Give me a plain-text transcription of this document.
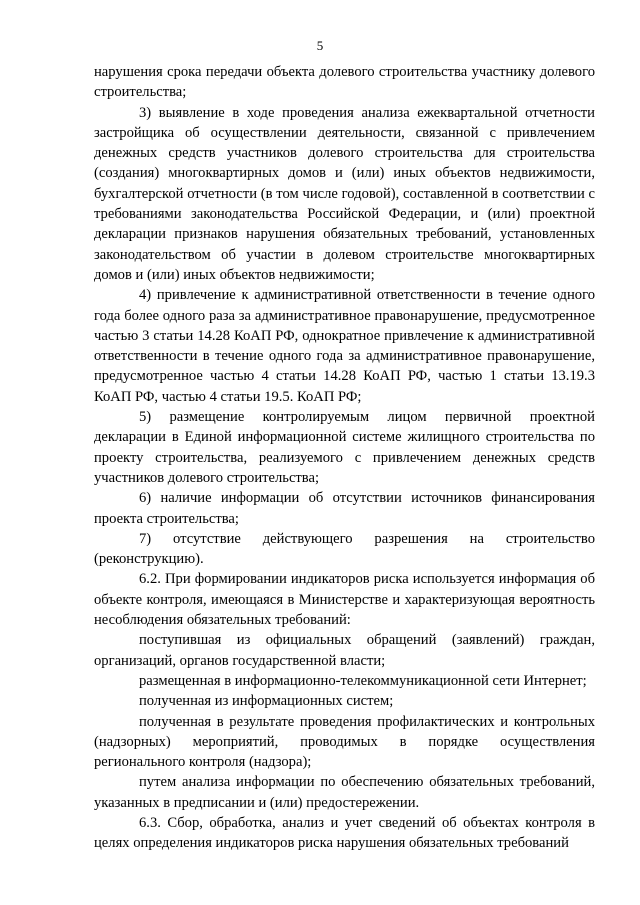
5

нарушения срока передачи объекта долевого строительства участнику долевого строительства;

3) выявление в ходе проведения анализа ежеквартальной отчетности застройщика об осуществлении деятельности, связанной с привлечением денежных средств участников долевого строительства для строительства (создания) многоквартирных домов и (или) иных объектов недвижимости, бухгалтерской отчетности (в том числе годовой), составленной в соответствии с требованиями законодательства Российской Федерации, и (или) проектной декларации признаков нарушения обязательных требований, установленных законодательством об участии в долевом строительстве многоквартирных домов и (или) иных объектов недвижимости;

4) привлечение к административной ответственности в течение одного года более одного раза за административное правонарушение, предусмотренное частью 3 статьи 14.28 КоАП РФ, однократное привлечение к административной ответственности в течение одного года за административное правонарушение, предусмотренное частью 4 статьи 14.28 КоАП РФ, частью 1 статьи 13.19.3 КоАП РФ, частью 4 статьи 19.5. КоАП РФ;

5) размещение контролируемым лицом первичной проектной декларации в Единой информационной системе жилищного строительства по проекту строительства, реализуемого с привлечением денежных средств участников долевого строительства;

6) наличие информации об отсутствии источников финансирования проекта строительства;

7) отсутствие действующего разрешения на строительство (реконструкцию).

6.2. При формировании индикаторов риска используется информация об объекте контроля, имеющаяся в Министерстве и характеризующая вероятность несоблюдения обязательных требований:

поступившая из официальных обращений (заявлений) граждан, организаций, органов государственной власти;

размещенная в информационно-телекоммуникационной сети Интернет;

полученная из информационных систем;

полученная в результате проведения профилактических и контрольных (надзорных) мероприятий, проводимых в порядке осуществления регионального контроля (надзора);

путем анализа информации по обеспечению обязательных требований, указанных в предписании и (или) предостережении.

6.3. Сбор, обработка, анализ и учет сведений об объектах контроля в целях определения индикаторов риска нарушения обязательных требований
